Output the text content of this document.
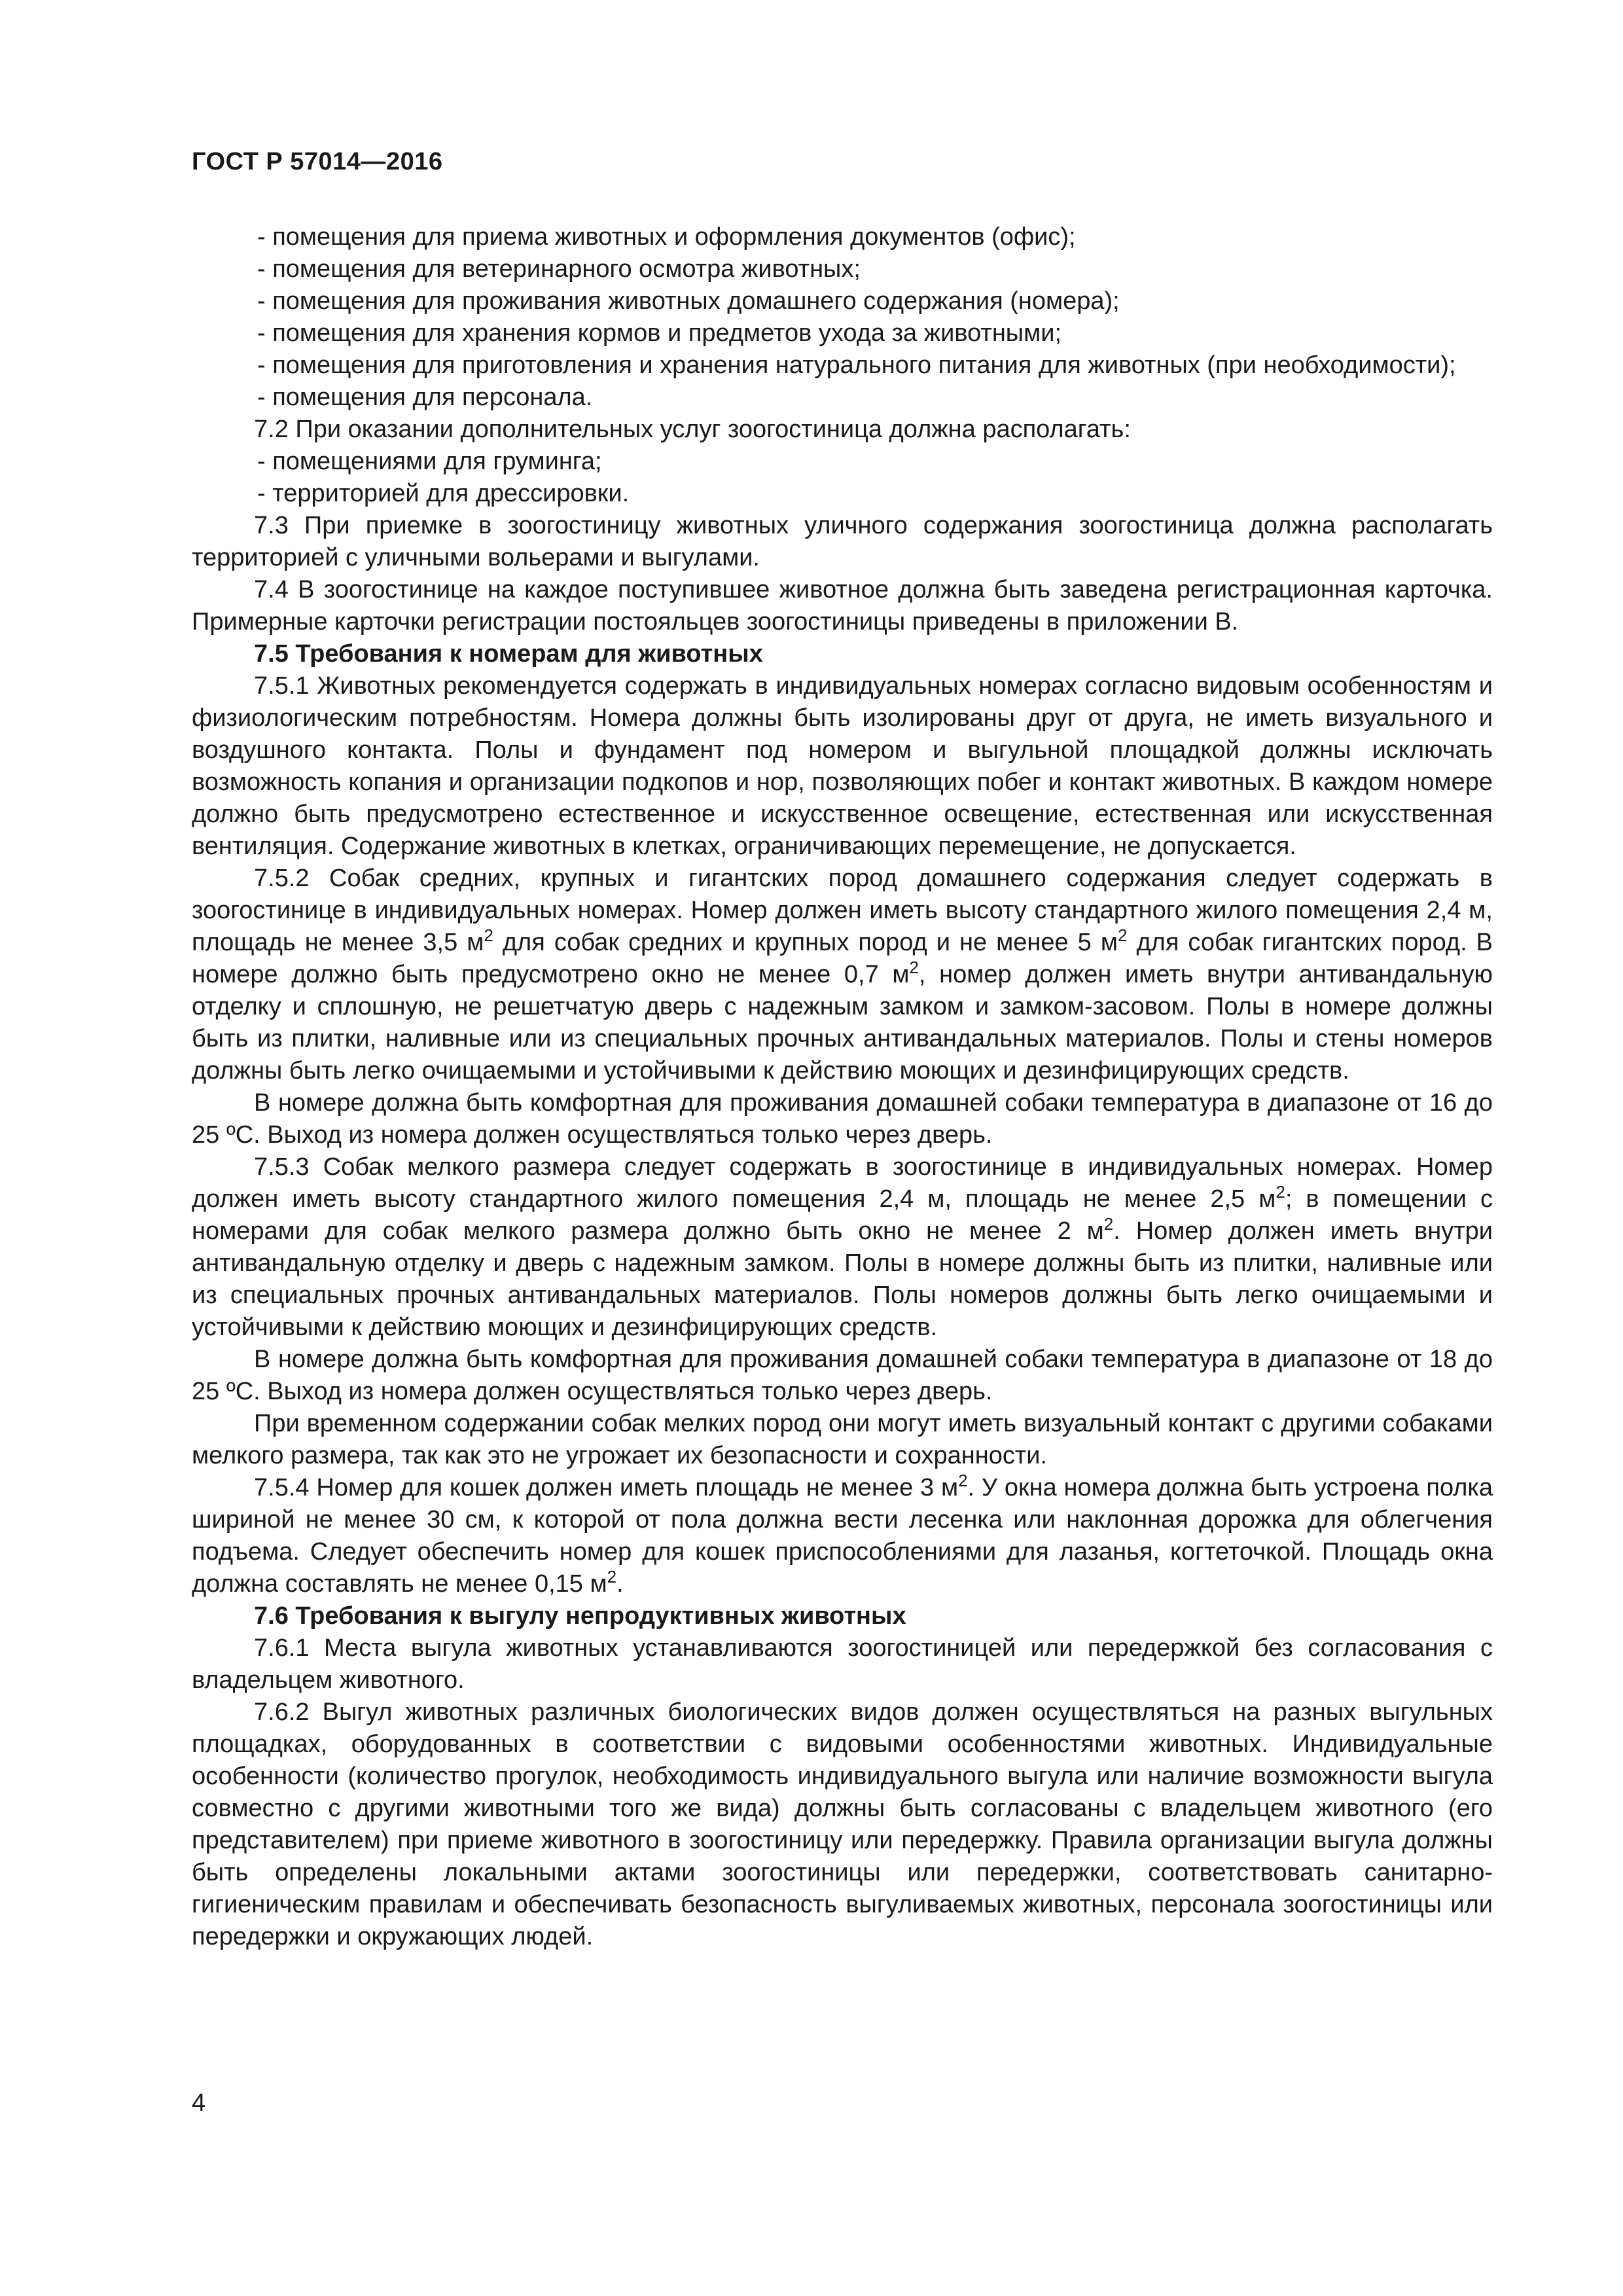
ГОСТ Р 57014—2016

- помещения для приема животных и оформления документов (офис);

- помещения для ветеринарного осмотра животных;

- помещения для проживания животных домашнего содержания (номера);

- помещения для хранения кормов и предметов ухода за животными;

- помещения для приготовления и хранения натурального питания для животных (при необходимости);

- помещения для персонала.

7.2 При оказании дополнительных услуг зоогостиница должна располагать:

- помещениями для груминга;

- территорией для дрессировки.

7.3 При приемке в зоогостиницу животных уличного содержания зоогостиница должна располагать территорией с уличными вольерами и выгулами.

7.4 В зоогостинице на каждое поступившее животное должна быть заведена регистрационная карточка. Примерные карточки регистрации постояльцев зоогостиницы приведены в приложении В.

7.5 Требования к номерам для животных

7.5.1 Животных рекомендуется содержать в индивидуальных номерах согласно видовым особенностям и физиологическим потребностям. Номера должны быть изолированы друг от друга, не иметь визуального и воздушного контакта. Полы и фундамент под номером и выгульной площадкой должны исключать возможность копания и организации подкопов и нор, позволяющих побег и контакт животных. В каждом номере должно быть предусмотрено естественное и искусственное освещение, естественная или искусственная вентиляция. Содержание животных в клетках, ограничивающих перемещение, не допускается.

7.5.2 Собак средних, крупных и гигантских пород домашнего содержания следует содержать в зоогостинице в индивидуальных номерах. Номер должен иметь высоту стандартного жилого помещения 2,4 м, площадь не менее 3,5 $м^2$ для собак средних и крупных пород и не менее 5 $м^2$ для собак гигантских пород. В номере должно быть предусмотрено окно не менее 0,7 $м^2$, номер должен иметь внутри антивандальную отделку и сплошную, не решетчатую дверь с надежным замком и замком-засовом. Полы в номере должны быть из плитки, наливные или из специальных прочных антивандальных материалов. Полы и стены номеров должны быть легко очищаемыми и устойчивыми к действию моющих и дезинфицирующих средств.

В номере должна быть комфортная для проживания домашней собаки температура в диапазоне от 16 до 25 ºС. Выход из номера должен осуществляться только через дверь.

7.5.3 Собак мелкого размера следует содержать в зоогостинице в индивидуальных номерах. Номер должен иметь высоту стандартного жилого помещения 2,4 м, площадь не менее 2,5 $м^2$; в помещении с номерами для собак мелкого размера должно быть окно не менее 2 $м^2$. Номер должен иметь внутри антивандальную отделку и дверь с надежным замком. Полы в номере должны быть из плитки, наливные или из специальных прочных антивандальных материалов. Полы номеров должны быть легко очищаемыми и устойчивыми к действию моющих и дезинфицирующих средств.

В номере должна быть комфортная для проживания домашней собаки температура в диапазоне от 18 до 25 ºС. Выход из номера должен осуществляться только через дверь.

При временном содержании собак мелких пород они могут иметь визуальный контакт с другими собаками мелкого размера, так как это не угрожает их безопасности и сохранности.

7.5.4 Номер для кошек должен иметь площадь не менее 3 $м^2$. У окна номера должна быть устроена полка шириной не менее 30 см, к которой от пола должна вести лесенка или наклонная дорожка для облегчения подъема. Следует обеспечить номер для кошек приспособлениями для лазанья, когтеточкой. Площадь окна должна составлять не менее 0,15 $м^2$.

7.6 Требования к выгулу непродуктивных животных

7.6.1 Места выгула животных устанавливаются зоогостиницей или передержкой без согласования с владельцем животного.

7.6.2 Выгул животных различных биологических видов должен осуществляться на разных выгульных площадках, оборудованных в соответствии с видовыми особенностями животных. Индивидуальные особенности (количество прогулок, необходимость индивидуального выгула или наличие возможности выгула совместно с другими животными того же вида) должны быть согласованы с владельцем животного (его представителем) при приеме животного в зоогостиницу или передержку. Правила организации выгула должны быть определены локальными актами зоогостиницы или передержки, соответствовать санитарно-гигиеническим правилам и обеспечивать безопасность выгуливаемых животных, персонала зоогостиницы или передержки и окружающих людей.

4
